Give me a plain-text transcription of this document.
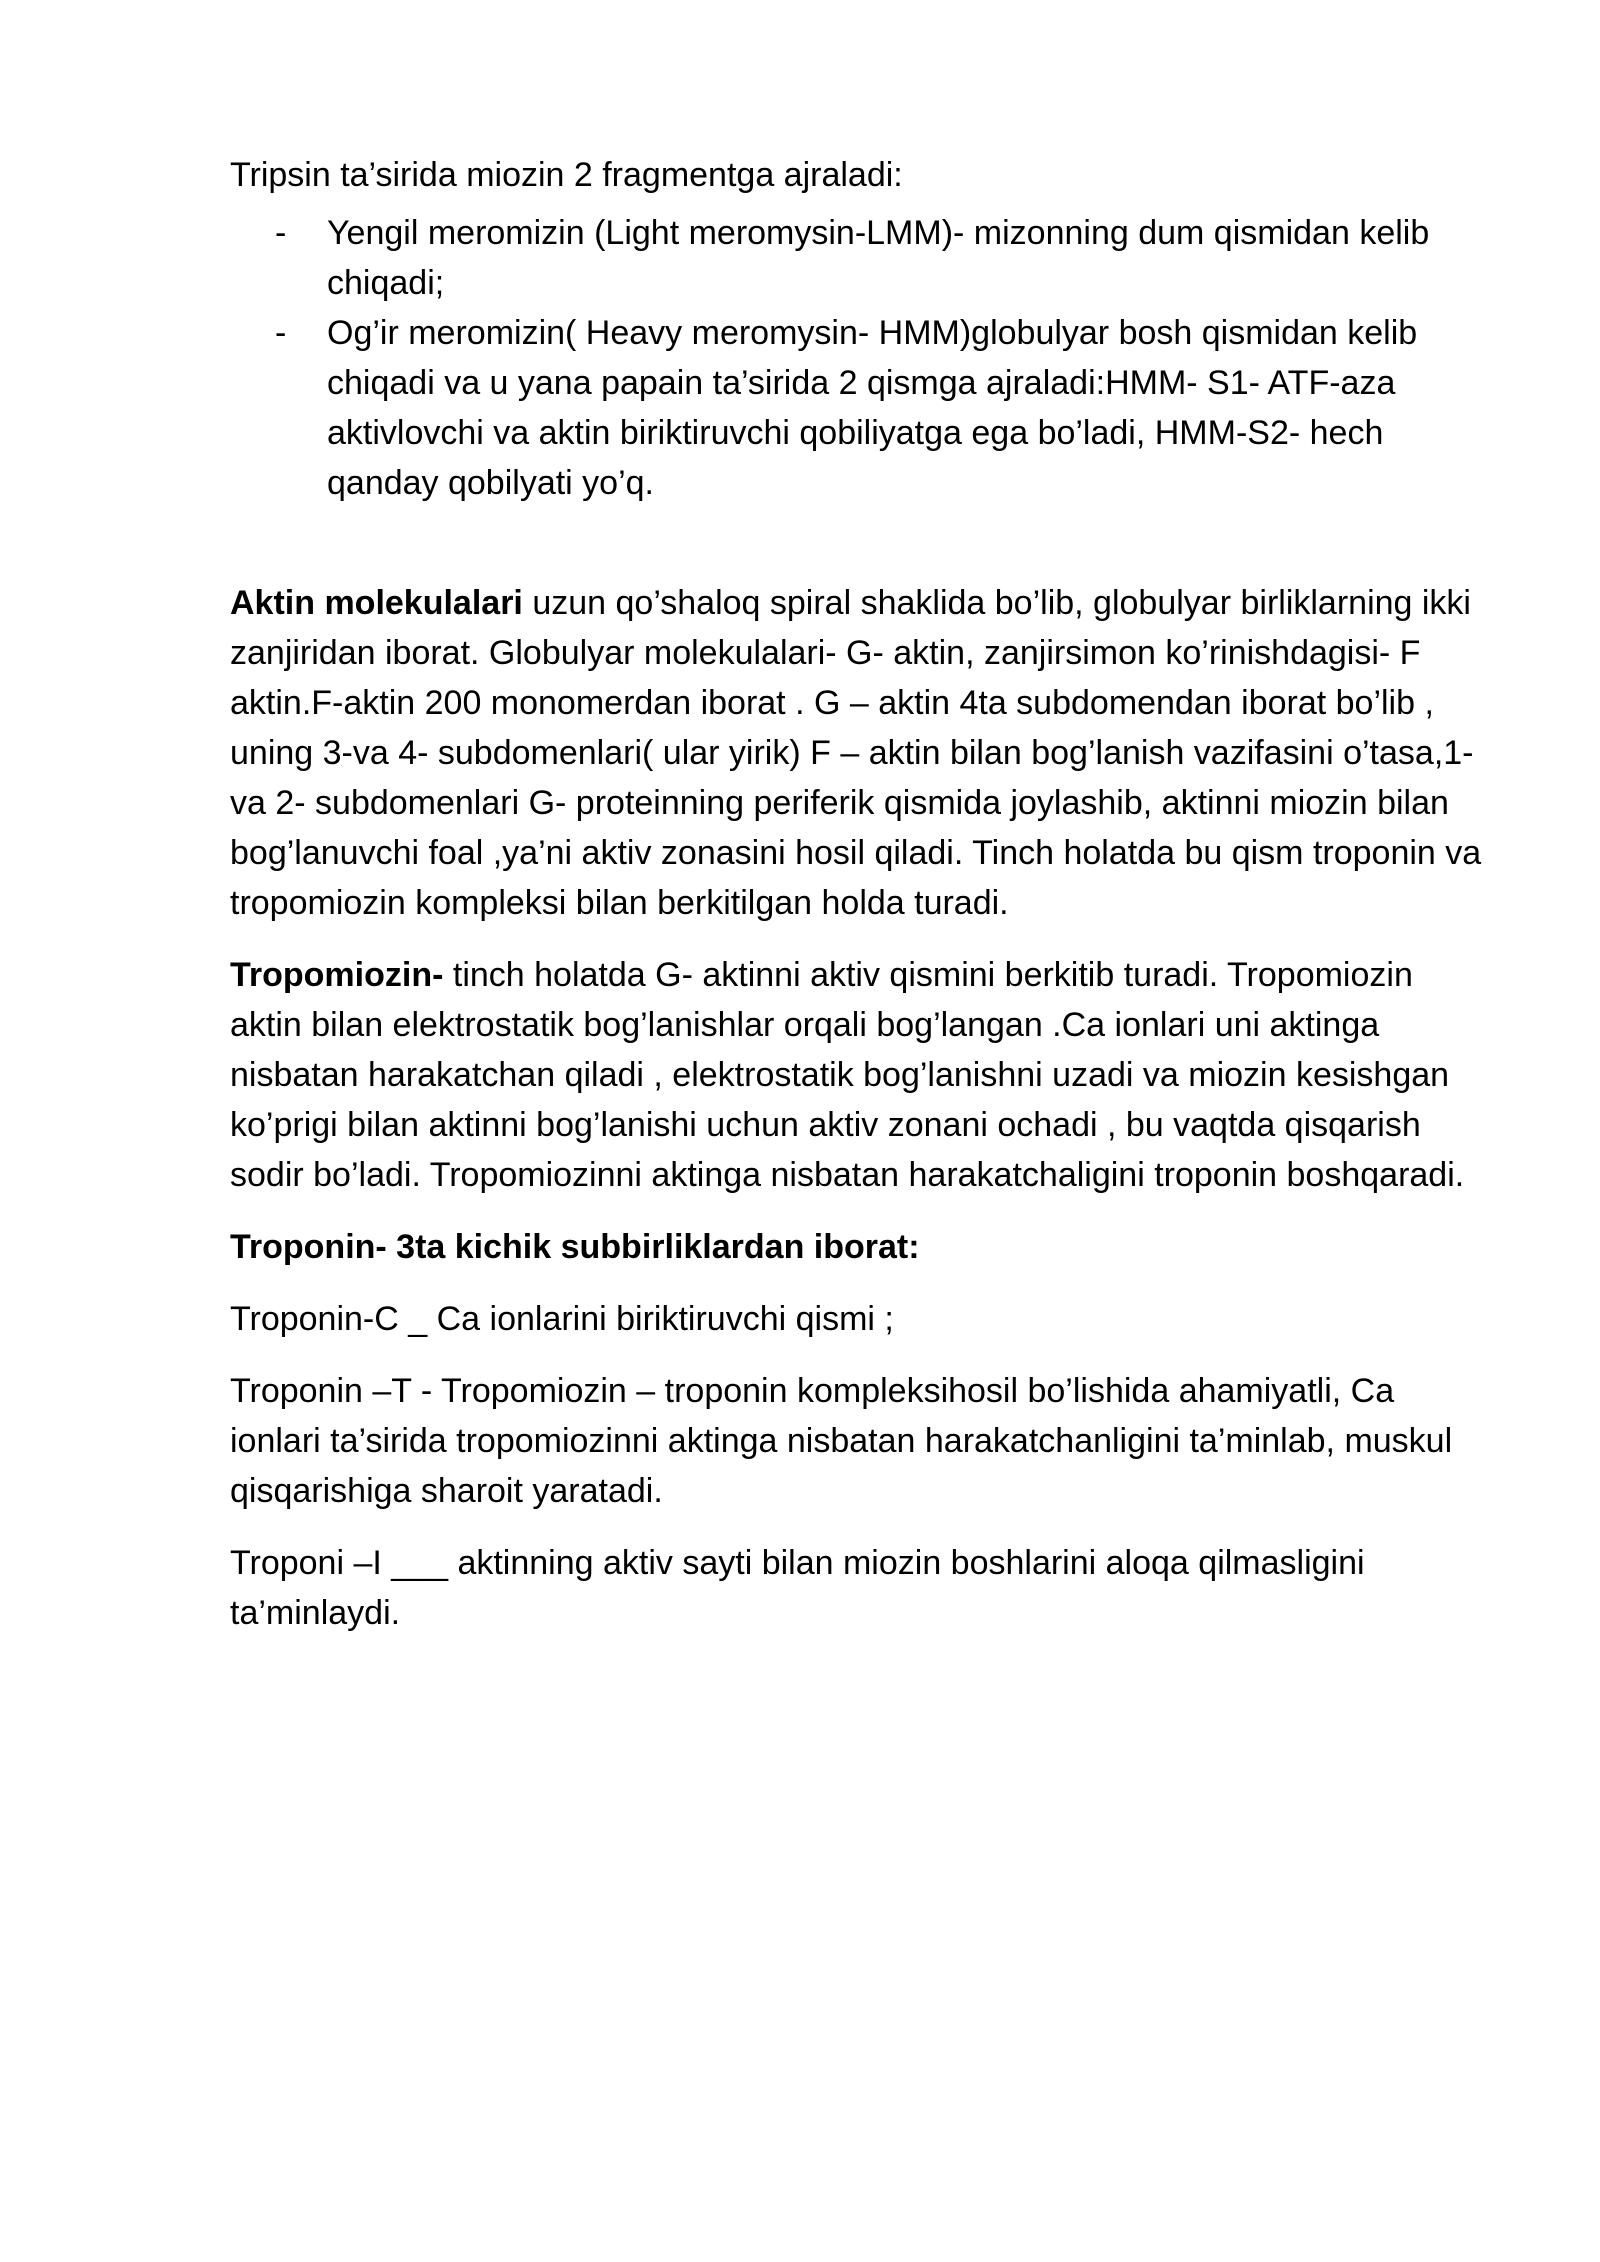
Tripsin ta’sirida miozin 2 fragmentga ajraladi:

- Yengil meromizin (Light meromysin-LMM)- mizonning dum qismidan kelib chiqadi;
- Og’ir meromizin( Heavy meromysin- HMM)globulyar bosh qismidan kelib chiqadi va u yana papain ta’sirida 2 qismga ajraladi:HMM- S1- ATF-aza aktivlovchi va aktin biriktiruvchi qobiliyatga ega bo’ladi, HMM-S2- hech qanday qobilyati yo’q.

Aktin molekulalari uzun qo’shaloq spiral shaklida bo’lib, globulyar birliklarning ikki zanjiridan iborat. Globulyar molekulalari- G- aktin, zanjirsimon ko’rinishdagisi- F aktin.F-aktin 200 monomerdan iborat . G – aktin 4ta subdomendan iborat bo’lib , uning 3-va 4- subdomenlari( ular yirik) F – aktin bilan bog’lanish vazifasini o’tasa,1- va 2- subdomenlari G- proteinning periferik qismida joylashib, aktinni miozin bilan bog’lanuvchi foal ,ya’ni aktiv zonasini hosil qiladi. Tinch holatda bu qism troponin va tropomiozin kompleksi bilan berkitilgan holda turadi.

Tropomiozin- tinch holatda G- aktinni aktiv qismini berkitib turadi. Tropomiozin aktin bilan elektrostatik bog’lanishlar orqali bog’langan .Ca ionlari uni aktinga nisbatan harakatchan qiladi , elektrostatik bog’lanishni uzadi va miozin kesishgan ko’prigi bilan aktinni bog’lanishi uchun aktiv zonani ochadi , bu vaqtda qisqarish sodir bo’ladi. Tropomiozinni aktinga nisbatan harakatchaligini troponin boshqaradi.

Troponin- 3ta kichik subbirliklardan iborat:

Troponin-C _ Ca ionlarini biriktiruvchi qismi ;

Troponin –T - Tropomiozin – troponin kompleksihosil bo’lishida ahamiyatli, Ca ionlari ta’sirida tropomiozinni aktinga nisbatan harakatchanligini ta’minlab, muskul qisqarishiga sharoit yaratadi.

Troponi –I ___ aktinning aktiv sayti bilan miozin boshlarini aloqa qilmasligini ta’minlaydi.
